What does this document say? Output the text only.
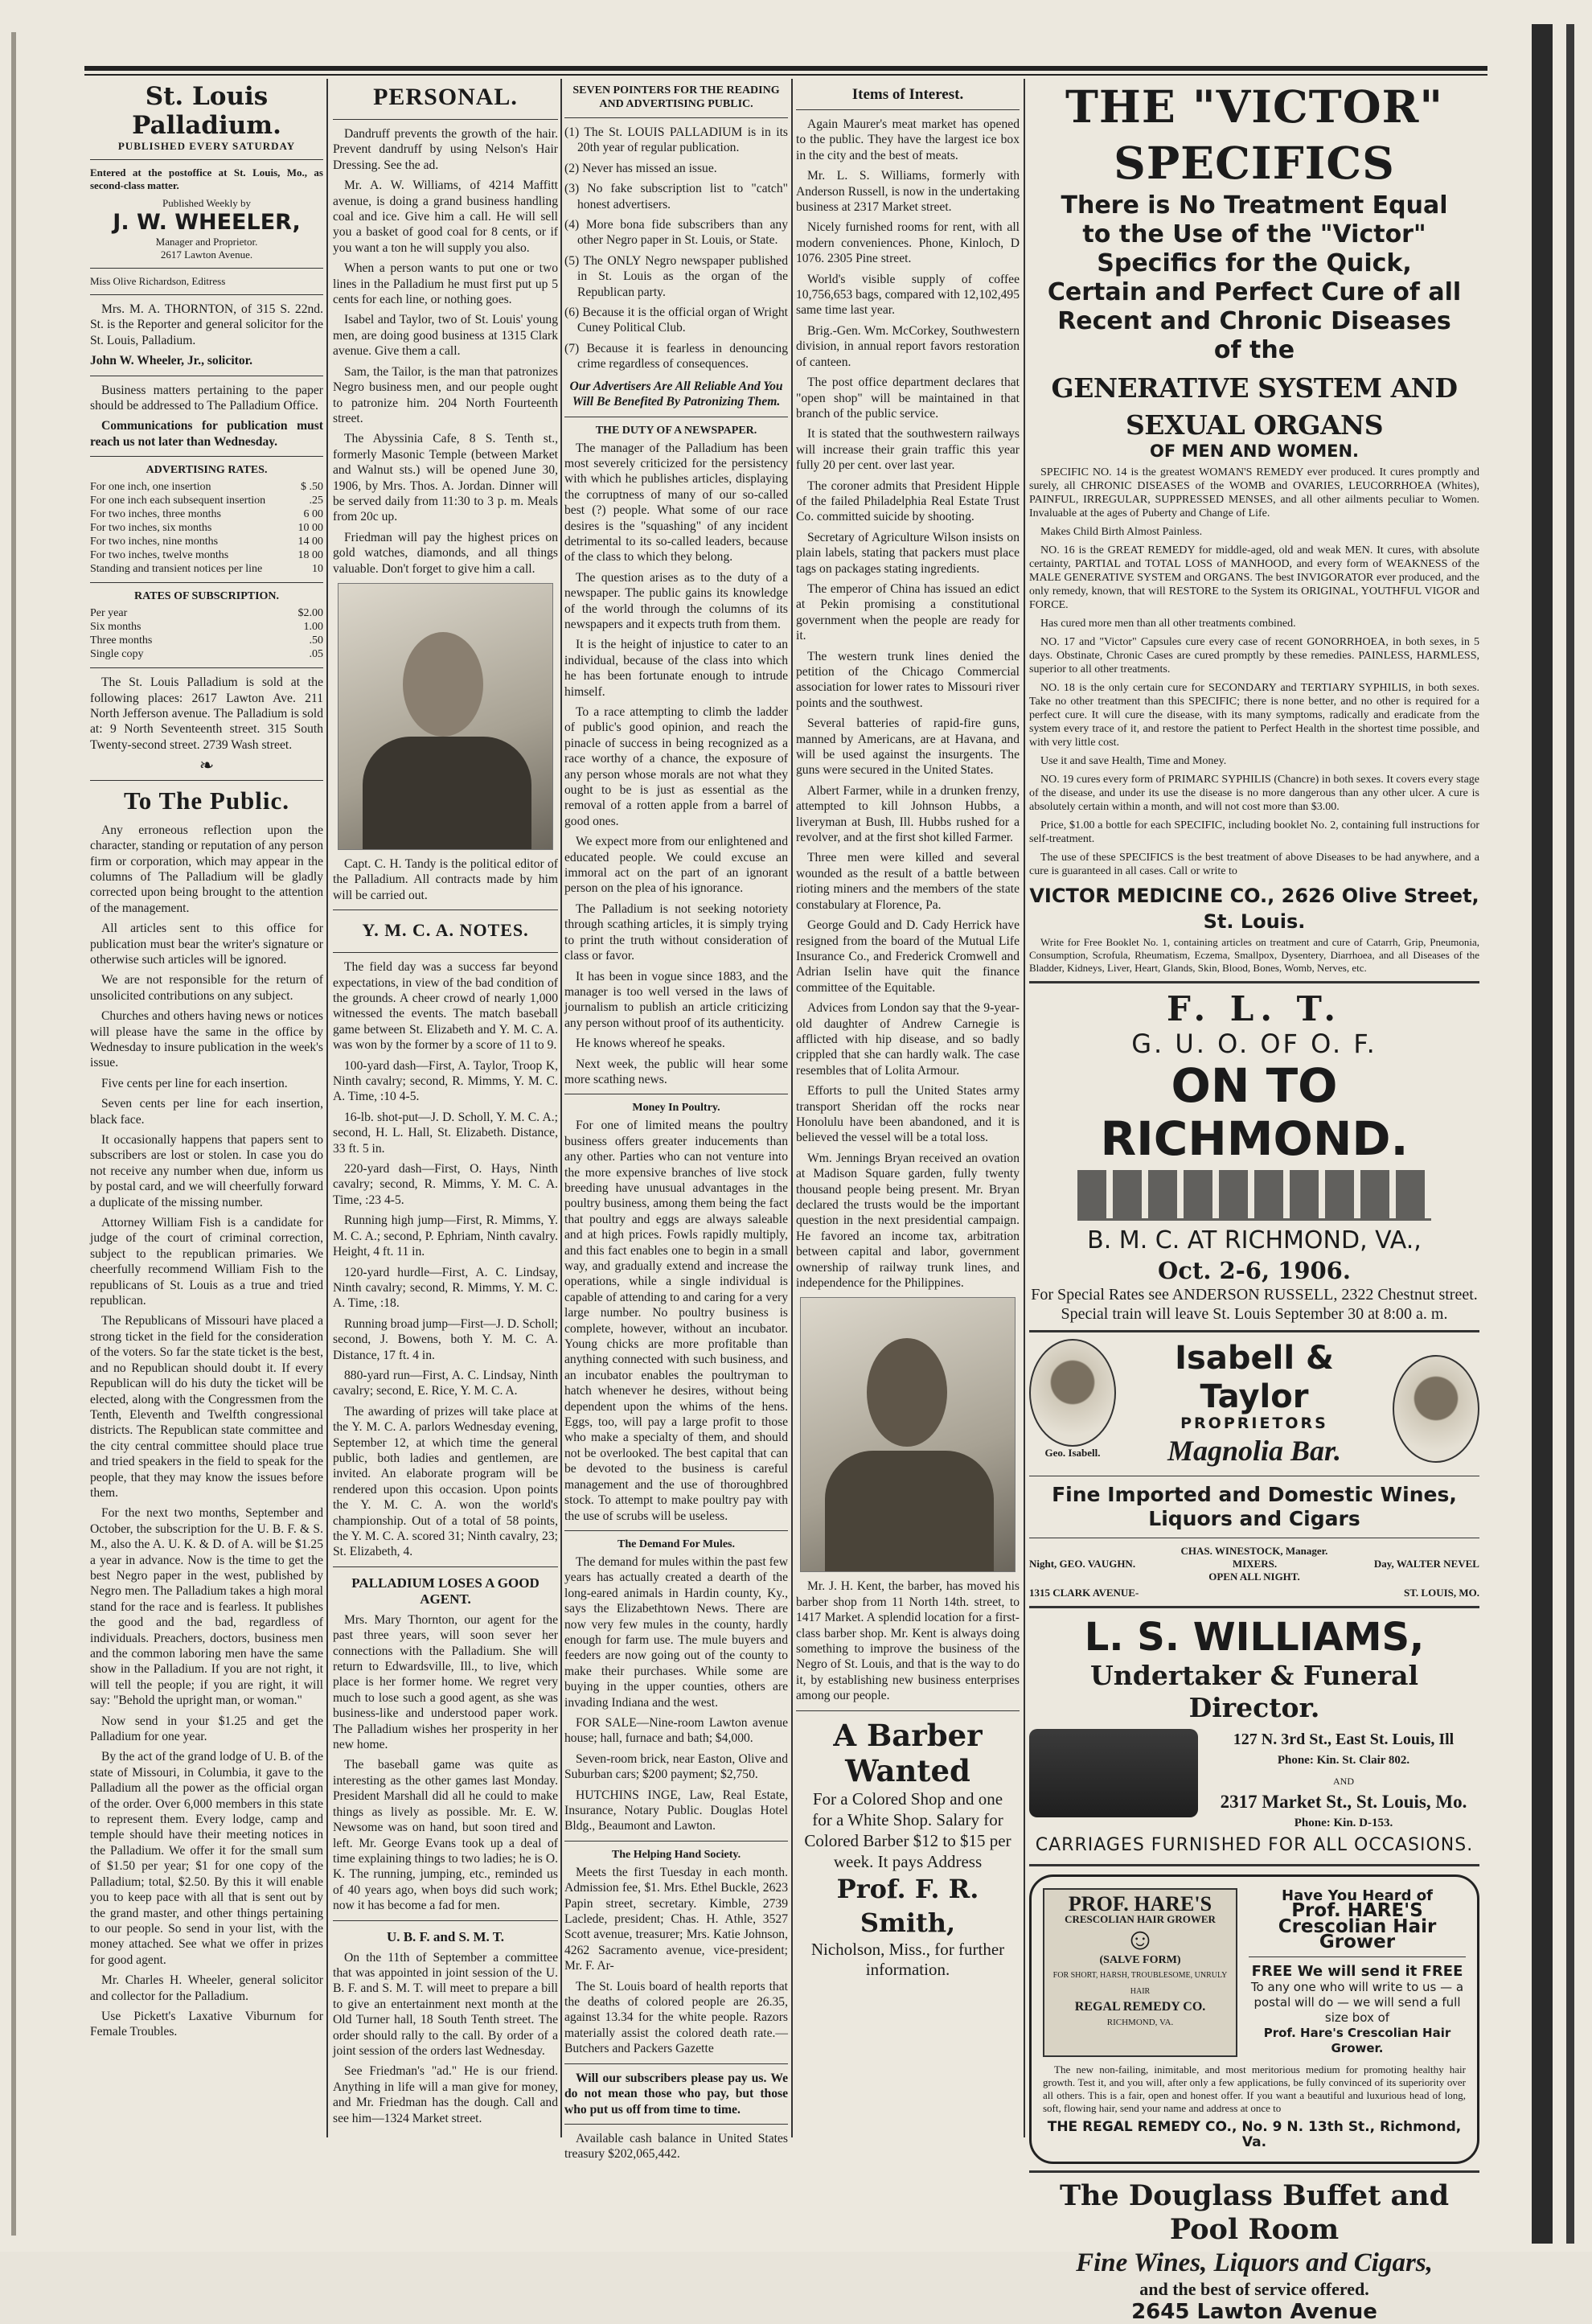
St. Louis Palladium.
PUBLISHED EVERY SATURDAY

Entered at the postoffice at St. Louis, Mo., as second-class matter.

Published Weekly by
J. W. WHEELER,
Manager and Proprietor.
2617 Lawton Avenue.
Miss Olive Richardson, Editress

Mrs. M. A. THORNTON, of 315 S. 22nd. St. is the Reporter and general solicitor for the St. Louis, Palladium.

John W. Wheeler, Jr., solicitor.

Business matters pertaining to the paper should be addressed to The Palladium Office.

Communications for publication must reach us not later than Wednesday.

ADVERTISING RATES.
For one inch, one insertion	$ .50
For one inch each subsequent insertion	.25
For two inches, three months	6 00
For two inches, six months	10 00
For two inches, nine months	14 00
For two inches, twelve months	18 00
Standing and transient notices per line	10
RATES OF SUBSCRIPTION.
Per year	$2.00
Six months	1.00
Three months	.50
Single copy	.05

The St. Louis Palladium is sold at the following places: 2617 Lawton Ave. 211 North Jefferson avenue. The Palladium is sold at: 9 North Seventeenth street. 315 South Twenty-second street. 2739 Wash street.

❧
To The Public.

Any erroneous reflection upon the character, standing or reputation of any person firm or corporation, which may appear in the columns of The Palladium will be gladly corrected upon being brought to the attention of the management.

All articles sent to this office for publication must bear the writer's signature or otherwise such articles will be ignored.

We are not responsible for the return of unsolicited contributions on any subject.

Churches and others having news or notices will please have the same in the office by Wednesday to insure publication in the week's issue.

Five cents per line for each insertion.

Seven cents per line for each insertion, black face.

It occasionally happens that papers sent to subscribers are lost or stolen. In case you do not receive any number when due, inform us by postal card, and we will cheerfully forward a duplicate of the missing number.

Attorney William Fish is a candidate for judge of the court of criminal correction, subject to the republican primaries. We cheerfully recommend William Fish to the republicans of St. Louis as a true and tried republican.

The Republicans of Missouri have placed a strong ticket in the field for the consideration of the voters. So far the state ticket is the best, and no Republican should doubt it. If every Republican will do his duty the ticket will be elected, along with the Congressmen from the Tenth, Eleventh and Twelfth congressional districts. The Republican state committee and the city central committee should place true and tried speakers in the field to speak for the people, that they may know the issues before them.

For the next two months, September and October, the subscription for the U. B. F. & S. M., also the A. U. K. & D. of A. will be $1.25 a year in advance. Now is the time to get the best Negro paper in the west, published by Negro men. The Palladium takes a high moral stand for the race and is fearless. It publishes the good and the bad, regardless of individuals. Preachers, doctors, business men and the common laboring men have the same show in the Palladium. If you are not right, it will tell the people; if you are right, it will say: "Behold the upright man, or woman."

Now send in your $1.25 and get the Palladium for one year.

By the act of the grand lodge of U. B. of the state of Missouri, in Columbia, it gave to the Palladium all the power as the official organ of the order. Over 6,000 members in this state to represent them. Every lodge, camp and temple should have their meeting notices in the Palladium. We offer it for the small sum of $1.50 per year; $1 for one copy of the Palladium; total, $2.50. By this it will enable you to keep pace with all that is sent out by the grand master, and other things pertaining to our people. So send in your list, with the money attached. See what we offer in prizes for good agent.

Mr. Charles H. Wheeler, general solicitor and collector for the Palladium.

Use Pickett's Laxative Viburnum for Female Troubles.

PERSONAL.

Dandruff prevents the growth of the hair. Prevent dandruff by using Nelson's Hair Dressing. See the ad.

Mr. A. W. Williams, of 4214 Maffitt avenue, is doing a grand business handling coal and ice. Give him a call. He will sell you a basket of good coal for 8 cents, or if you want a ton he will supply you also.

When a person wants to put one or two lines in the Palladium he must first put up 5 cents for each line, or nothing goes.

Isabel and Taylor, two of St. Louis' young men, are doing good business at 1315 Clark avenue. Give them a call.

Sam, the Tailor, is the man that patronizes Negro business men, and our people ought to patronize him. 204 North Fourteenth street.

The Abyssinia Cafe, 8 S. Tenth st., formerly Masonic Temple (between Market and Walnut sts.) will be opened June 30, 1906, by Mrs. Thos. A. Jordan. Dinner will be served daily from 11:30 to 3 p. m. Meals from 20c up.

Friedman will pay the highest prices on gold watches, diamonds, and all things valuable. Don't forget to give him a call.

Capt. C. H. Tandy is the political editor of the Palladium. All contracts made by him will be carried out.

Y. M. C. A. NOTES.

The field day was a success far beyond expectations, in view of the bad condition of the grounds. A cheer crowd of nearly 1,000 witnessed the events. The match baseball game between St. Elizabeth and Y. M. C. A. was won by the former by a score of 11 to 9.

100-yard dash—First, A. Taylor, Troop K, Ninth cavalry; second, R. Mimms, Y. M. C. A. Time, :10 4-5.

16-lb. shot-put—J. D. Scholl, Y. M. C. A.; second, H. L. Hall, St. Elizabeth. Distance, 33 ft. 5 in.

220-yard dash—First, O. Hays, Ninth cavalry; second, R. Mimms, Y. M. C. A. Time, :23 4-5.

Running high jump—First, R. Mimms, Y. M. C. A.; second, P. Ephriam, Ninth cavalry. Height, 4 ft. 11 in.

120-yard hurdle—First, A. C. Lindsay, Ninth cavalry; second, R. Mimms, Y. M. C. A. Time, :18.

Running broad jump—First—J. D. Scholl; second, J. Bowens, both Y. M. C. A. Distance, 17 ft. 4 in.

880-yard run—First, A. C. Lindsay, Ninth cavalry; second, E. Rice, Y. M. C. A.

The awarding of prizes will take place at the Y. M. C. A. parlors Wednesday evening, September 12, at which time the general public, both ladies and gentlemen, are invited. An elaborate program will be rendered upon this occasion. Upon points the Y. M. C. A. won the world's championship. Out of a total of 58 points, the Y. M. C. A. scored 31; Ninth cavalry, 23; St. Elizabeth, 4.

PALLADIUM LOSES A GOOD AGENT.

Mrs. Mary Thornton, our agent for the past three years, will soon sever her connections with the Palladium. She will return to Edwardsville, Ill., to live, which place is her former home. We regret very much to lose such a good agent, as she was business-like and understood paper work. The Palladium wishes her prosperity in her new home.

The baseball game was quite as interesting as the other games last Monday. President Marshall did all he could to make things as lively as possible. Mr. E. W. Newsome was on hand, but soon tired and left. Mr. George Evans took up a deal of time explaining things to two ladies; he is O. K. The running, jumping, etc., reminded us of 40 years ago, when boys did such work; now it has become a fad for men.

U. B. F. and S. M. T.

On the 11th of September a committee that was appointed in joint session of the U. B. F. and S. M. T. will meet to prepare a bill to give an entertainment next month at the Old Turner hall, 18 South Tenth street. The order should rally to the call. By order of a joint session of the orders last Wednesday.

See Friedman's "ad." He is our friend. Anything in life will a man give for money, and Mr. Friedman has the dough. Call and see him—1324 Market street.

SEVEN POINTERS FOR THE READING AND ADVERTISING PUBLIC.

(1) The St. LOUIS PALLADIUM is in its 20th year of regular publication.

(2) Never has missed an issue.

(3) No fake subscription list to "catch" honest advertisers.

(4) More bona fide subscribers than any other Negro paper in St. Louis, or State.

(5) The ONLY Negro newspaper published in St. Louis as the organ of the Republican party.

(6) Because it is the official organ of Wright Cuney Political Club.

(7) Because it is fearless in denouncing crime regardless of consequences.

Our Advertisers Are All Reliable And You Will Be Benefited By Patronizing Them.

THE DUTY OF A NEWSPAPER.

The manager of the Palladium has been most severely criticized for the persistency with which he publishes articles, displaying the corruptness of many of our so-called best (?) people. What some of our race desires is the "squashing" of any incident detrimental to its so-called leaders, because of the class to which they belong.

The question arises as to the duty of a newspaper. The public gains its knowledge of the world through the columns of its newspapers and it expects truth from them.

It is the height of injustice to cater to an individual, because of the class into which he has been fortunate enough to intrude himself.

To a race attempting to climb the ladder of public's good opinion, and reach the pinacle of success in being recognized as a race worthy of a chance, the exposure of any person whose morals are not what they ought to be is just as essential as the removal of a rotten apple from a barrel of good ones.

We expect more from our enlightened and educated people. We could excuse an immoral act on the part of an ignorant person on the plea of his ignorance.

The Palladium is not seeking notoriety through scathing articles, it is simply trying to print the truth without consideration of class or favor.

It has been in vogue since 1883, and the manager is too well versed in the laws of journalism to publish an article criticizing any person without proof of its authenticity.

He knows whereof he speaks.

Next week, the public will hear some more scathing news.

Money In Poultry.

For one of limited means the poultry business offers greater inducements than any other. Parties who can not venture into the more expensive branches of live stock breeding have unusual advantages in the poultry business, among them being the fact that poultry and eggs are always saleable and at high prices. Fowls rapidly multiply, and this fact enables one to begin in a small way, and gradually extend and increase the operations, while a single individual is capable of attending to and caring for a very large number. No poultry business is complete, however, without an incubator. Young chicks are more profitable than anything connected with such business, and an incubator enables the poultryman to hatch whenever he desires, without being dependent upon the whims of the hens. Eggs, too, will pay a large profit to those who make a specialty of them, and should not be overlooked. The best capital that can be devoted to the business is careful management and the use of thoroughbred stock. To attempt to make poultry pay with the use of scrubs will be useless.

The Demand For Mules.

The demand for mules within the past few years has actually created a dearth of the long-eared animals in Hardin county, Ky., says the Elizabethtown News. There are now very few mules in the county, hardly enough for farm use. The mule buyers and feeders are now going out of the county to make their purchases. While some are buying in the upper counties, others are invading Indiana and the west.

FOR SALE—Nine-room Lawton avenue house; hall, furnace and bath; $4,000.

Seven-room brick, near Easton, Olive and Suburban cars; $200 payment; $2,750.

HUTCHINS INGE, Law, Real Estate, Insurance, Notary Public. Douglas Hotel Bldg., Beaumont and Lawton.

The Helping Hand Society.

Meets the first Tuesday in each month. Admission fee, $1. Mrs. Ethel Buckle, 2623 Papin street, secretary. Kimble, 2739 Laclede, president; Chas. H. Athle, 3527 Scott avenue, treasurer; Mrs. Katie Johnson, 4262 Sacramento avenue, vice-president; Mr. F. Ar-

The St. Louis board of health reports that the deaths of colored people are 26.35, against 13.34 for the white people. Razors materially assist the colored death rate.—Butchers and Packers Gazette

Will our subscribers please pay us. We do not mean those who pay, but those who put us off from time to time.

Available cash balance in United States treasury $202,065,442.

Items of Interest.

Again Maurer's meat market has opened to the public. They have the largest ice box in the city and the best of meats.

Mr. L. S. Williams, formerly with Anderson Russell, is now in the undertaking business at 2317 Market street.

Nicely furnished rooms for rent, with all modern conveniences. Phone, Kinloch, D 1076. 2305 Pine street.

World's visible supply of coffee 10,756,653 bags, compared with 12,102,495 same time last year.

Brig.-Gen. Wm. McCorkey, Southwestern division, in annual report favors restoration of canteen.

The post office department declares that "open shop" will be maintained in that branch of the public service.

It is stated that the southwestern railways will increase their grain traffic this year fully 20 per cent. over last year.

The coroner admits that President Hipple of the failed Philadelphia Real Estate Trust Co. committed suicide by shooting.

Secretary of Agriculture Wilson insists on plain labels, stating that packers must place tags on packages stating ingredients.

The emperor of China has issued an edict at Pekin promising a constitutional government when the people are ready for it.

The western trunk lines denied the petition of the Chicago Commercial association for lower rates to Missouri river points and the southwest.

Several batteries of rapid-fire guns, manned by Americans, are at Havana, and will be used against the insurgents. The guns were secured in the United States.

Albert Farmer, while in a drunken frenzy, attempted to kill Johnson Hubbs, a liveryman at Bush, Ill. Hubbs rushed for a revolver, and at the first shot killed Farmer.

Three men were killed and several wounded as the result of a battle between rioting miners and the members of the state constabulary at Florence, Pa.

George Gould and D. Cady Herrick have resigned from the board of the Mutual Life Insurance Co., and Frederick Cromwell and Adrian Iselin have quit the finance committee of the Equitable.

Advices from London say that the 9-year-old daughter of Andrew Carnegie is afflicted with hip disease, and so badly crippled that she can hardly walk. The case resembles that of Lolita Armour.

Efforts to pull the United States army transport Sheridan off the rocks near Honolulu have been abandoned, and it is believed the vessel will be a total loss.

Wm. Jennings Bryan received an ovation at Madison Square garden, fully twenty thousand people being present. Mr. Bryan declared the trusts would be the important question in the next presidential campaign. He favored an income tax, arbitration between capital and labor, government ownership of railway trunk lines, and independence for the Philippines.

Mr. J. H. Kent, the barber, has moved his barber shop from 11 North 14th. street, to 1417 Market. A splendid location for a first-class barber shop. Mr. Kent is always doing something to improve the business of the Negro of St. Louis, and that is the way to do it, by establishing new business enterprises among our people.

A Barber Wanted
For a Colored Shop and one for a White Shop. Salary for Colored Barber $12 to $15 per week. It pays Address
Prof. F. R. Smith,
Nicholson, Miss., for further information.
THE "VICTOR" SPECIFICS
There is No Treatment Equal to the Use of the "Victor" Specifics for the Quick, Certain and Perfect Cure of all Recent and Chronic Diseases of the
GENERATIVE SYSTEM AND SEXUAL ORGANS
OF MEN AND WOMEN.

SPECIFIC NO. 14 is the greatest WOMAN'S REMEDY ever produced. It cures promptly and surely, all CHRONIC DISEASES of the WOMB and OVARIES, LEUCORRHOEA (Whites), PAINFUL, IRREGULAR, SUPPRESSED MENSES, and all other ailments peculiar to Women. Invaluable at the ages of Puberty and Change of Life.

Makes Child Birth Almost Painless.

NO. 16 is the GREAT REMEDY for middle-aged, old and weak MEN. It cures, with absolute certainty, PARTIAL and TOTAL LOSS of MANHOOD, and every form of WEAKNESS of the MALE GENERATIVE SYSTEM and ORGANS. The best INVIGORATOR ever produced, and the only remedy, known, that will RESTORE to the System its ORIGINAL, YOUTHFUL VIGOR and FORCE.

Has cured more men than all other treatments combined.

NO. 17 and "Victor" Capsules cure every case of recent GONORRHOEA, in both sexes, in 5 days. Obstinate, Chronic Cases are cured promptly by these remedies. PAINLESS, HARMLESS, superior to all other treatments.

NO. 18 is the only certain cure for SECONDARY and TERTIARY SYPHILIS, in both sexes. Take no other treatment than this SPECIFIC; there is none better, and no other is required for a perfect cure. It will cure the disease, with its many symptoms, radically and eradicate from the system every trace of it, and restore the patient to Perfect Health in the shortest time possible, and with very little cost.

Use it and save Health, Time and Money.

NO. 19 cures every form of PRIMARC SYPHILIS (Chancre) in both sexes. It covers every stage of the disease, and under its use the disease is no more dangerous than any other ulcer. A cure is absolutely certain within a month, and will not cost more than $3.00.

Price, $1.00 a bottle for each SPECIFIC, including booklet No. 2, containing full instructions for self-treatment.

The use of these SPECIFICS is the best treatment of above Diseases to be had anywhere, and a cure is guaranteed in all cases. Call or write to

VICTOR MEDICINE CO., 2626 Olive Street, St. Louis.

Write for Free Booklet No. 1, containing articles on treatment and cure of Catarrh, Grip, Pneumonia, Consumption, Scrofula, Rheumatism, Eczema, Smallpox, Dysentery, Diarrhoea, and all Diseases of the Bladder, Kidneys, Liver, Heart, Glands, Skin, Blood, Bones, Womb, Nerves, etc.

F. L. T.
G. U. O. OF O. F.
ON TO RICHMOND.
B. M. C. AT RICHMOND, VA.,
Oct. 2-6, 1906.
For Special Rates see ANDERSON RUSSELL, 2322 Chestnut street.
Special train will leave St. Louis September 30 at 8:00 a. m.
Geo. Isabell.
Isabell & Taylor
PROPRIETORS
Magnolia Bar.
Fine Imported and Domestic Wines, Liquors and Cigars
CHAS. WINESTOCK, Manager.
Night, GEO. VAUGHN.	MIXERS.	Day, WALTER NEVEL
OPEN ALL NIGHT.
1315 CLARK AVENUE-	ST. LOUIS, MO.
L. S. WILLIAMS,
Undertaker & Funeral Director.
127 N. 3rd St., East St. Louis, Ill
Phone: Kin. St. Clair 802.
AND
2317 Market St., St. Louis, Mo.
Phone: Kin. D-153.
CARRIAGES FURNISHED FOR ALL OCCASIONS.
PROF. HARE'S
CRESCOLIAN HAIR GROWER
☺
(SALVE FORM)
FOR SHORT, HARSH, TROUBLESOME, UNRULY HAIR
REGAL REMEDY CO.
RICHMOND, VA.
Have You Heard of
Prof. HARE'S
Crescolian Hair Grower
FREE We will send it FREE
To any one who will write to us — a postal will do — we will send a full size box of
Prof. Hare's Crescolian Hair Grower.

The new non-failing, inimitable, and most meritorious medium for promoting healthy hair growth. Test it, and you will, after only a few applications, be fully convinced of its superiority over all others. This is a fair, open and honest offer. If you want a beautiful and luxurious head of long, soft, flowing hair, send your name and address at once to

THE REGAL REMEDY CO., No. 9 N. 13th St., Richmond, Va.
The Douglass Buffet and Pool Room
Fine Wines, Liquors and Cigars,
and the best of service offered.
2645 Lawton Avenue
